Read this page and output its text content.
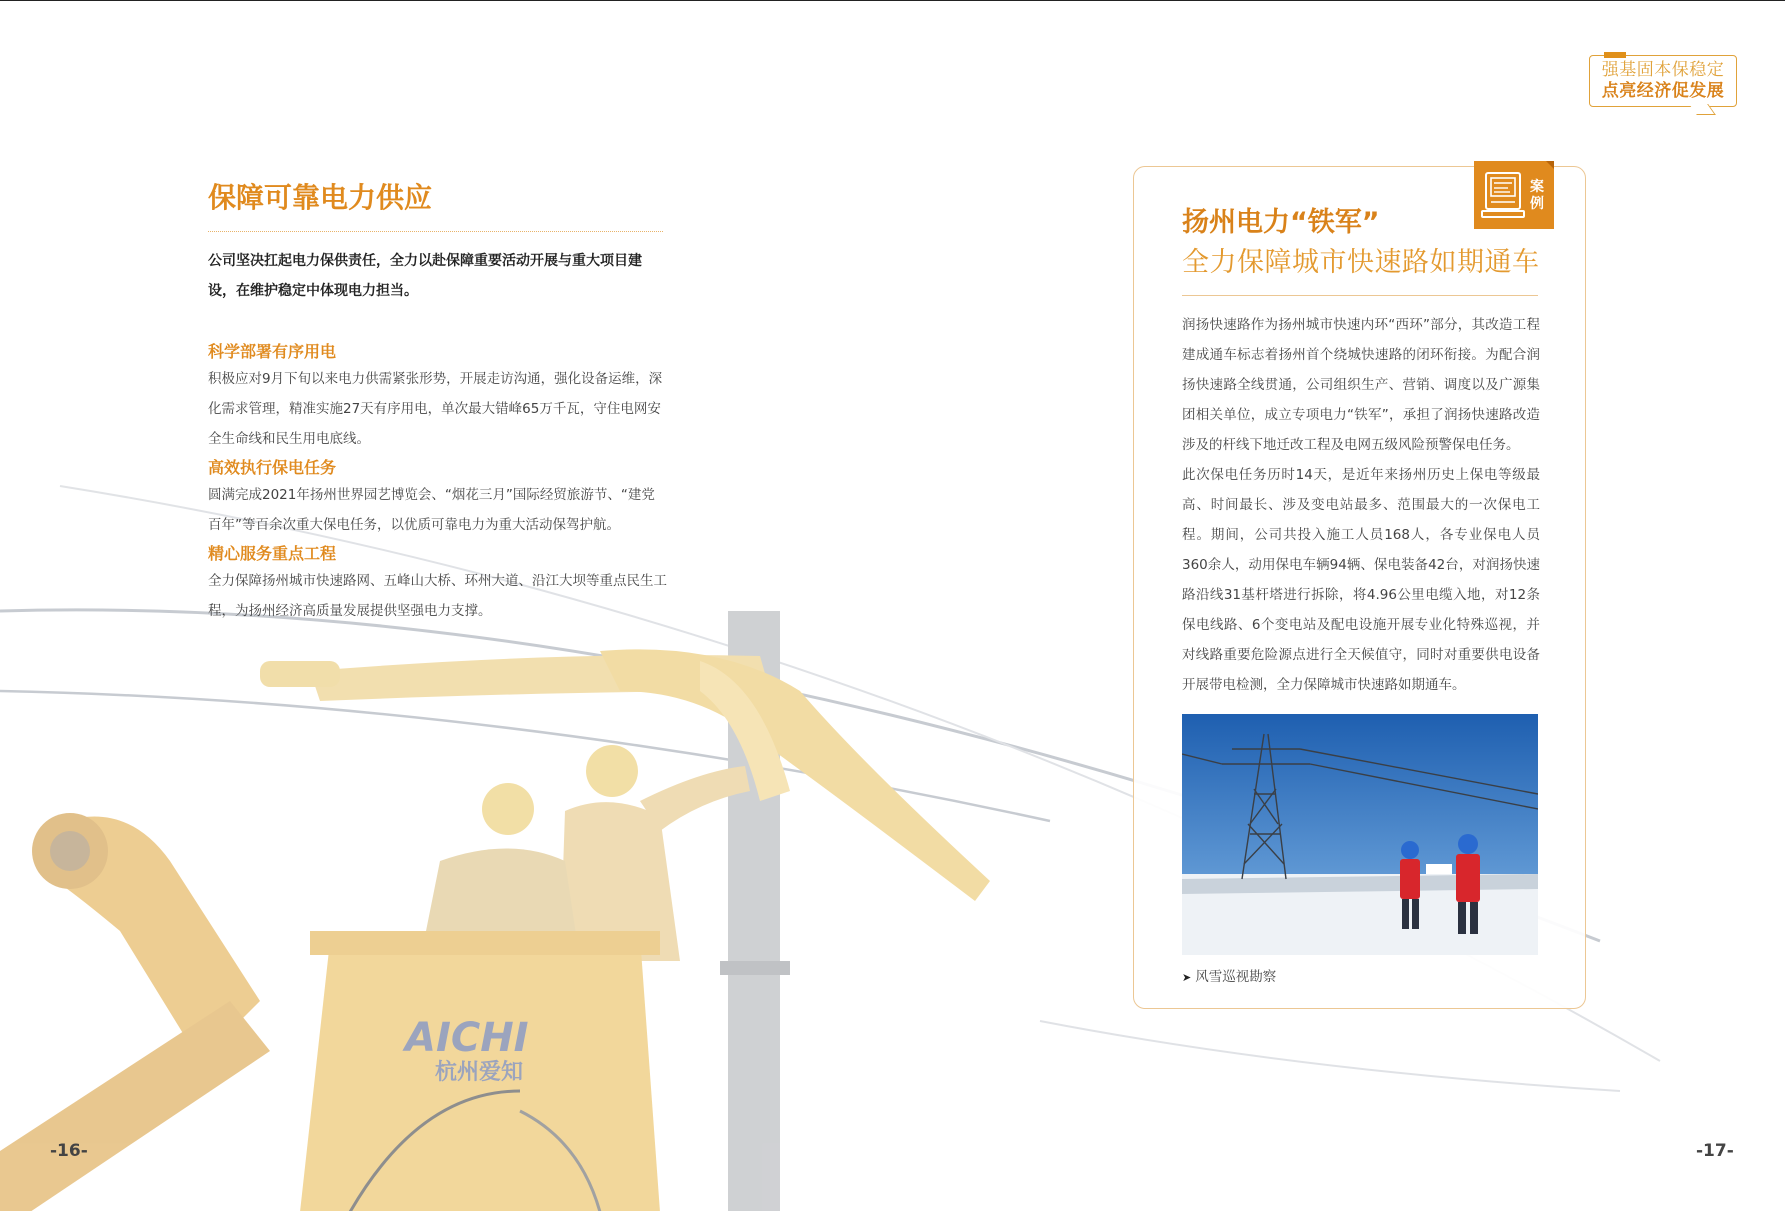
AICHI
杭州爱知
强基固本保稳定
点亮经济促发展
保障可靠电力供应
公司坚决扛起电力保供责任，全力以赴保障重要活动开展与重大项目建设，在维护稳定中体现电力担当。
科学部署有序用电
积极应对9月下旬以来电力供需紧张形势，开展走访沟通，强化设备运维，深化需求管理，精准实施27天有序用电，单次最大错峰65万千瓦，守住电网安全生命线和民生用电底线。
高效执行保电任务
圆满完成2021年扬州世界园艺博览会、“烟花三月”国际经贸旅游节、“建党百年”等百余次重大保电任务，以优质可靠电力为重大活动保驾护航。
精心服务重点工程
全力保障扬州城市快速路网、五峰山大桥、环州大道、沿江大坝等重点民生工程，为扬州经济高质量发展提供坚强电力支撑。
案例
扬州电力“铁军”
全力保障城市快速路如期通车
润扬快速路作为扬州城市快速内环“西环”部分，其改造工程建成通车标志着扬州首个绕城快速路的闭环衔接。为配合润扬快速路全线贯通，公司组织生产、营销、调度以及广源集团相关单位，成立专项电力“铁军”，承担了润扬快速路改造涉及的杆线下地迁改工程及电网五级风险预警保电任务。
此次保电任务历时14天，是近年来扬州历史上保电等级最高、时间最长、涉及变电站最多、范围最大的一次保电工程。期间，公司共投入施工人员168人，各专业保电人员360余人，动用保电车辆94辆、保电装备42台，对润扬快速路沿线31基杆塔进行拆除，将4.96公里电缆入地，对12条保电线路、6个变电站及配电设施开展专业化特殊巡视，并对线路重要危险源点进行全天候值守，同时对重要供电设备开展带电检测，全力保障城市快速路如期通车。
➤ 风雪巡视勘察
-16-	-17-
